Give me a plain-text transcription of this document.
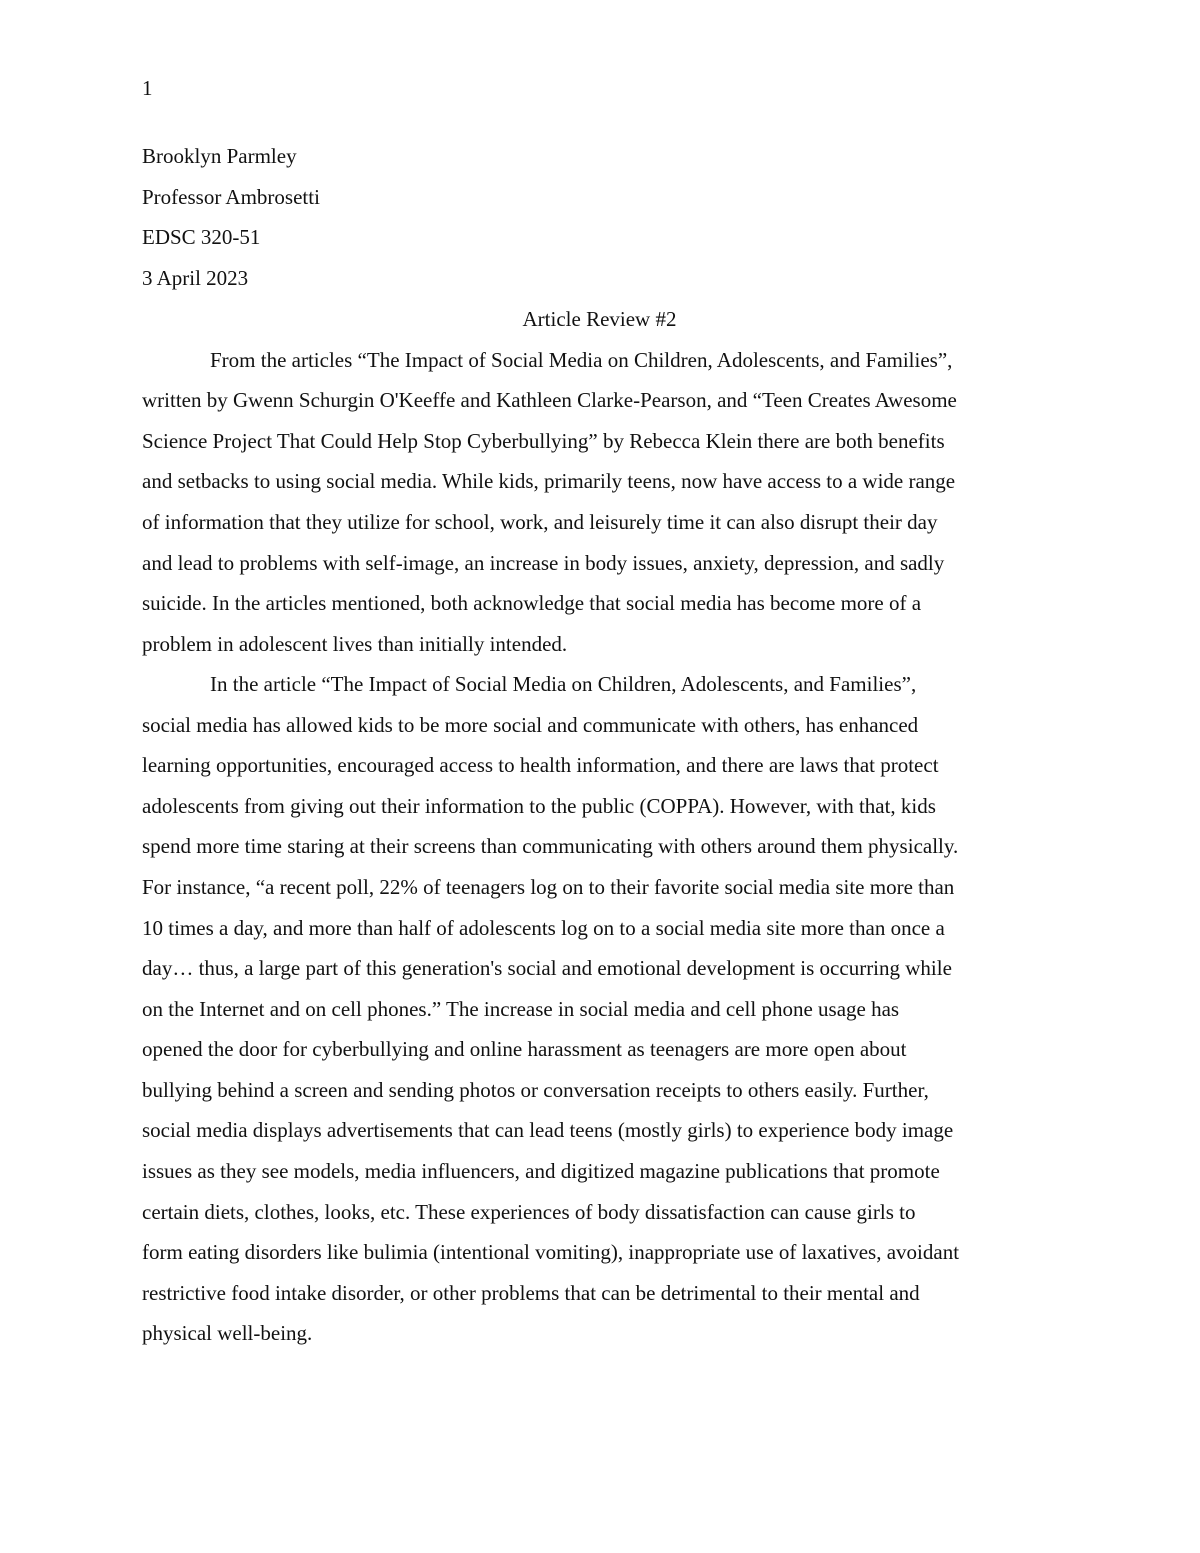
1
Brooklyn Parmley
Professor Ambrosetti
EDSC 320-51
3 April 2023
Article Review #2
From the articles “The Impact of Social Media on Children, Adolescents, and Families”,
written by Gwenn Schurgin O'Keeffe and Kathleen Clarke-Pearson, and “Teen Creates Awesome
Science Project That Could Help Stop Cyberbullying” by Rebecca Klein there are both benefits
and setbacks to using social media. While kids, primarily teens, now have access to a wide range
of information that they utilize for school, work, and leisurely time it can also disrupt their day
and lead to problems with self-image, an increase in body issues, anxiety, depression, and sadly
suicide. In the articles mentioned, both acknowledge that social media has become more of a
problem in adolescent lives than initially intended.
In the article “The Impact of Social Media on Children, Adolescents, and Families”,
social media has allowed kids to be more social and communicate with others, has enhanced
learning opportunities, encouraged access to health information, and there are laws that protect
adolescents from giving out their information to the public (COPPA). However, with that, kids
spend more time staring at their screens than communicating with others around them physically.
For instance, “a recent poll, 22% of teenagers log on to their favorite social media site more than
10 times a day, and more than half of adolescents log on to a social media site more than once a
day… thus, a large part of this generation's social and emotional development is occurring while
on the Internet and on cell phones.” The increase in social media and cell phone usage has
opened the door for cyberbullying and online harassment as teenagers are more open about
bullying behind a screen and sending photos or conversation receipts to others easily. Further,
social media displays advertisements that can lead teens (mostly girls) to experience body image
issues as they see models, media influencers, and digitized magazine publications that promote
certain diets, clothes, looks, etc. These experiences of body dissatisfaction can cause girls to
form eating disorders like bulimia (intentional vomiting), inappropriate use of laxatives, avoidant
restrictive food intake disorder, or other problems that can be detrimental to their mental and
physical well-being.
